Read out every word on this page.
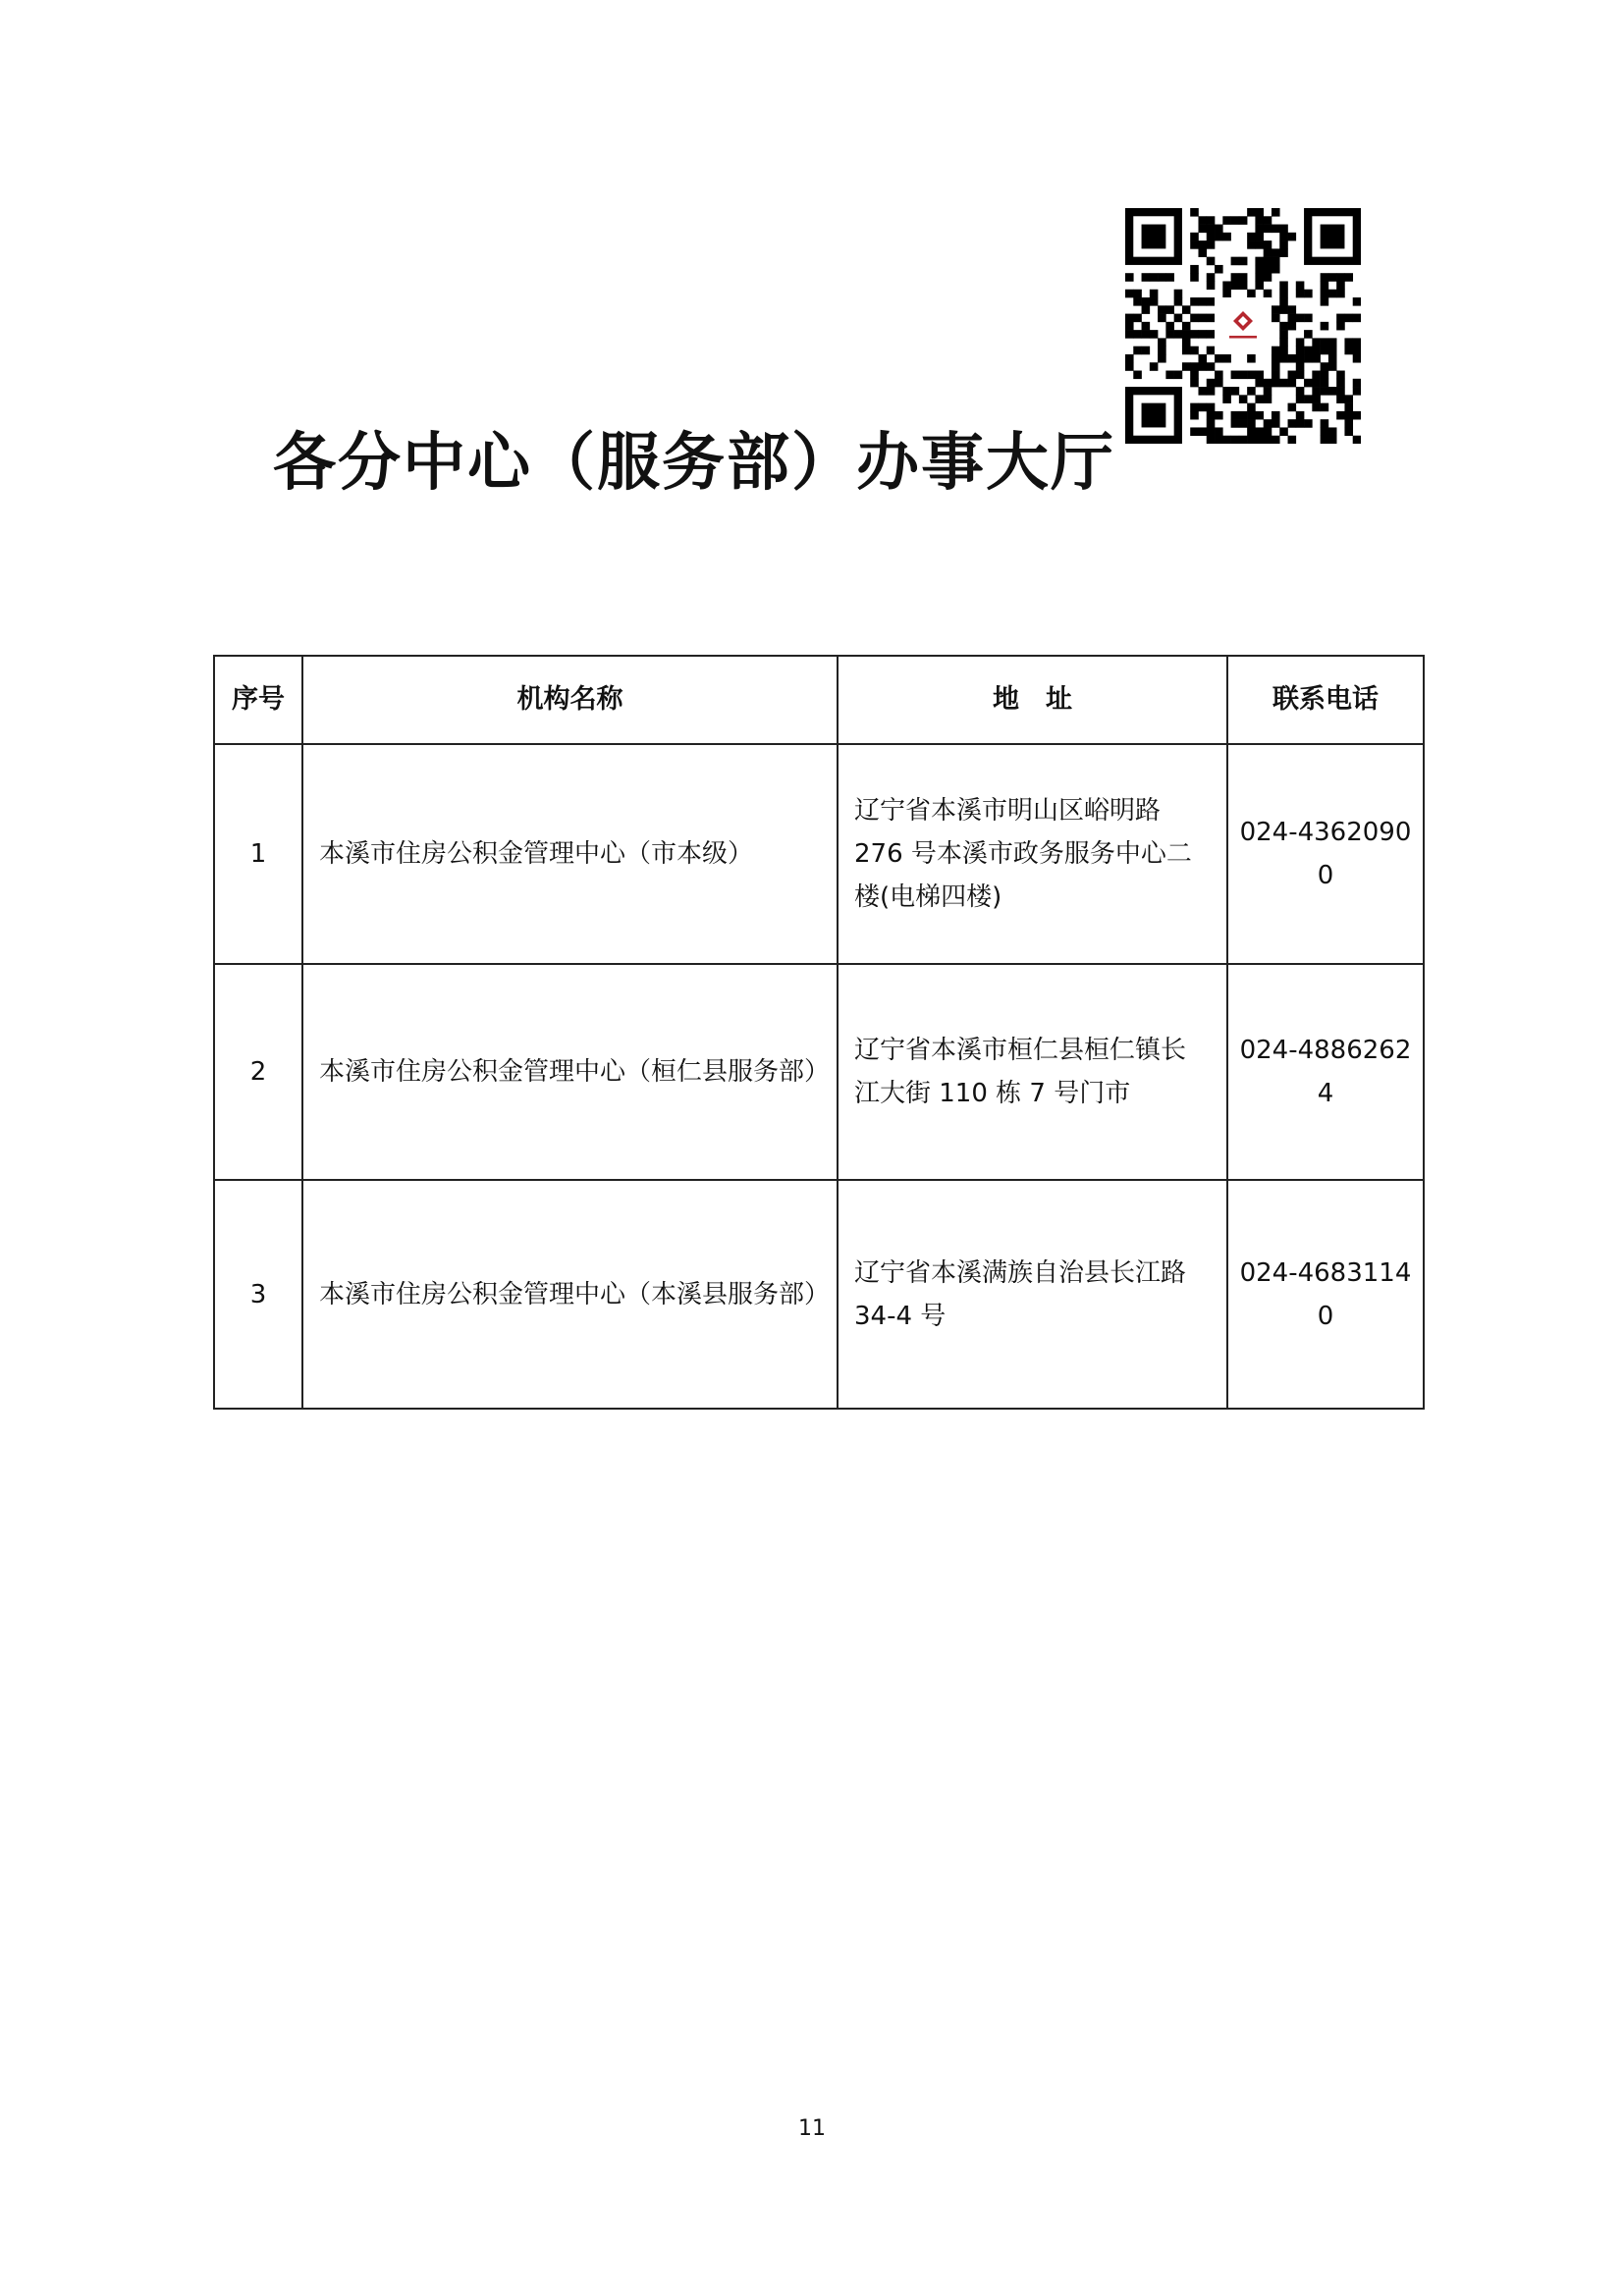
各分中心（服务部）办事大厅
序号	机构名称	地　址	联系电话
1	本溪市住房公积金管理中心（市本级）	辽宁省本溪市明山区峪明路 276 号本溪市政务服务中心二楼(电梯四楼)	024-43620900
2	本溪市住房公积金管理中心（桓仁县服务部）	辽宁省本溪市桓仁县桓仁镇长江大街 110 栋 7 号门市	024-48862624
3	本溪市住房公积金管理中心（本溪县服务部）	辽宁省本溪满族自治县长江路 34-4 号	024-46831140
11
